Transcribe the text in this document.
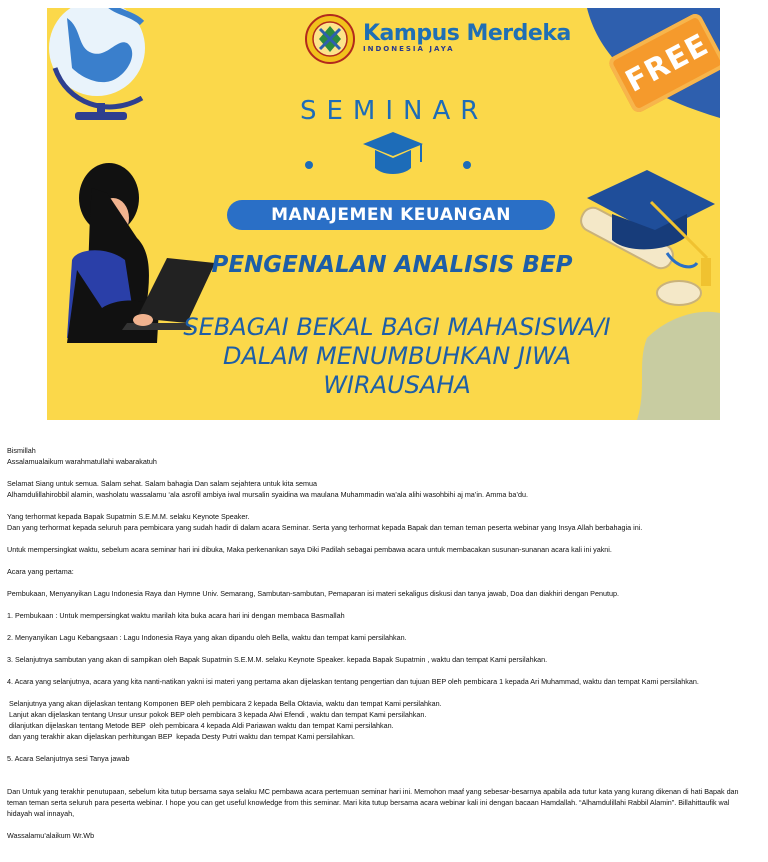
Kampus Merdeka
INDONESIA JAYA	FREE
SEMINAR
MANAJEMEN KEUANGAN
PENGENALAN ANALISIS BEP
SEBAGAI BEKAL BAGI MAHASISWA/I
DALAM MENUMBUHKAN JIWA
WIRAUSAHA

Bismillah

Assalamualaikum warahmatullahi wabarakatuh

Selamat Siang untuk semua. Salam sehat. Salam bahagia Dan salam sejahtera untuk kita semua

Alhamdulillahirobbil alamin, washolatu wassalamu ‘ala asrofil ambiya iwal mursalin syaidina wa maulana Muhammadin wa’ala alihi wasohbihi aj ma’in. Amma ba’du.

Yang terhormat kepada Bapak Supatmin S.E.M.M. selaku Keynote Speaker.

Dan yang terhormat kepada seluruh para pembicara yang sudah hadir di dalam acara Seminar. Serta yang terhormat kepada Bapak dan teman teman peserta webinar yang Insya Allah berbahagia ini.

Untuk mempersingkat waktu, sebelum acara seminar hari ini dibuka, Maka perkenankan saya Diki Padilah sebagai pembawa acara untuk membacakan susunan-sunanan acara kali ini yakni.

Acara yang pertama:

Pembukaan, Menyanyikan Lagu Indonesia Raya dan Hymne Univ. Semarang, Sambutan-sambutan, Pemaparan isi materi sekaligus diskusi dan tanya jawab, Doa dan diakhiri dengan Penutup.

1. Pembukaan : Untuk mempersingkat waktu marilah kita buka acara hari ini dengan membaca Basmallah

2. Menyanyikan Lagu Kebangsaan : Lagu Indonesia Raya yang akan dipandu oleh Bella, waktu dan tempat kami persilahkan.

3. Selanjutnya sambutan yang akan di sampikan oleh Bapak Supatmin S.E.M.M. selaku Keynote Speaker. kepada Bapak Supatmin , waktu dan tempat Kami persilahkan.

4. Acara yang selanjutnya, acara yang kita nanti-natikan yakni isi materi yang pertama akan dijelaskan tentang pengertian dan tujuan BEP oleh pembicara 1 kepada Ari Muhammad, waktu dan tempat Kami persilahkan.

Selanjutnya yang akan dijelaskan tentang Komponen BEP oleh pembicara 2 kepada Bella Oktavia, waktu dan tempat Kami persilahkan.

Lanjut akan dijelaskan tentang Unsur unsur pokok BEP oleh pembicara 3 kepada Alwi Efendi , waktu dan tempat Kami persilahkan.

dilanjutkan dijelaskan tentang Metode BEP  oleh pembicara 4 kepada Aldi Pariawan waktu dan tempat Kami persilahkan.

dan yang terakhir akan dijelaskan perhitungan BEP  kepada Desty Putri waktu dan tempat Kami persilahkan.

5. Acara Selanjutnya sesi Tanya jawab

Dan Untuk yang terakhir penutupaan, sebelum kita tutup bersama saya selaku MC pembawa acara pertemuan seminar hari ini. Memohon maaf yang sebesar-besarnya apabila ada tutur kata yang kurang dikenan di hati Bapak dan teman teman serta seluruh para peserta webinar. I hope you can get useful knowledge from this seminar. Mari kita tutup bersama acara webinar kali ini dengan bacaan Hamdallah. “Alhamdulillahi Rabbil Alamin”. Billahittaufik wal hidayah wal innayah,

Wassalamu’alaikum Wr.Wb
